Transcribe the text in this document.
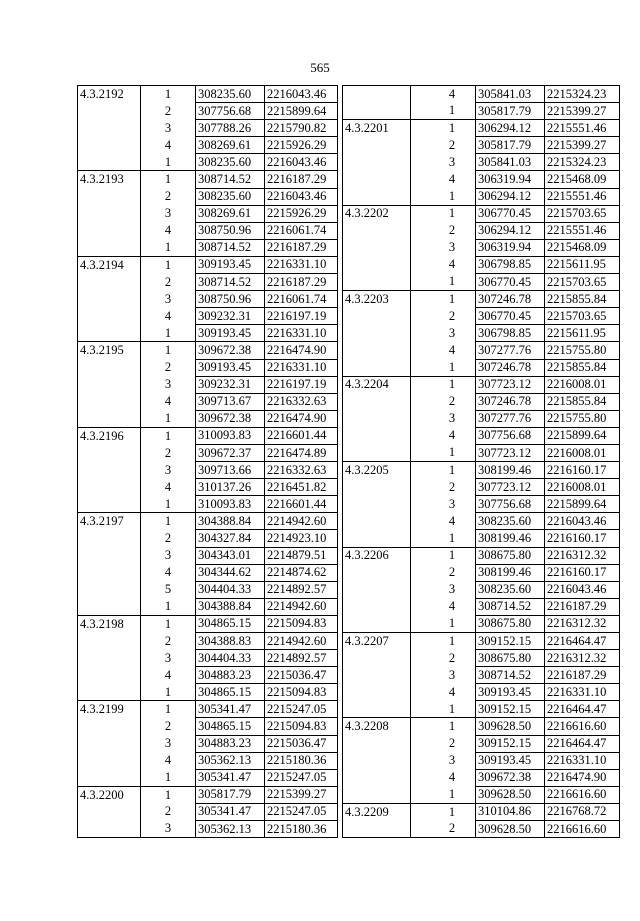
565
4.3.2192	1	308235.60	2216043.46
	2	307756.68	2215899.64
	3	307788.26	2215790.82
	4	308269.61	2215926.29
	1	308235.60	2216043.46
4.3.2193	1	308714.52	2216187.29
	2	308235.60	2216043.46
	3	308269.61	2215926.29
	4	308750.96	2216061.74
	1	308714.52	2216187.29
4.3.2194	1	309193.45	2216331.10
	2	308714.52	2216187.29
	3	308750.96	2216061.74
	4	309232.31	2216197.19
	1	309193.45	2216331.10
4.3.2195	1	309672.38	2216474.90
	2	309193.45	2216331.10
	3	309232.31	2216197.19
	4	309713.67	2216332.63
	1	309672.38	2216474.90
4.3.2196	1	310093.83	2216601.44
	2	309672.37	2216474.89
	3	309713.66	2216332.63
	4	310137.26	2216451.82
	1	310093.83	2216601.44
4.3.2197	1	304388.84	2214942.60
	2	304327.84	2214923.10
	3	304343.01	2214879.51
	4	304344.62	2214874.62
	5	304404.33	2214892.57
	1	304388.84	2214942.60
4.3.2198	1	304865.15	2215094.83
	2	304388.83	2214942.60
	3	304404.33	2214892.57
	4	304883.23	2215036.47
	1	304865.15	2215094.83
4.3.2199	1	305341.47	2215247.05
	2	304865.15	2215094.83
	3	304883.23	2215036.47
	4	305362.13	2215180.36
	1	305341.47	2215247.05
4.3.2200	1	305817.79	2215399.27
	2	305341.47	2215247.05
	3	305362.13	2215180.36
	4	305841.03	2215324.23
	1	305817.79	2215399.27
4.3.2201	1	306294.12	2215551.46
	2	305817.79	2215399.27
	3	305841.03	2215324.23
	4	306319.94	2215468.09
	1	306294.12	2215551.46
4.3.2202	1	306770.45	2215703.65
	2	306294.12	2215551.46
	3	306319.94	2215468.09
	4	306798.85	2215611.95
	1	306770.45	2215703.65
4.3.2203	1	307246.78	2215855.84
	2	306770.45	2215703.65
	3	306798.85	2215611.95
	4	307277.76	2215755.80
	1	307246.78	2215855.84
4.3.2204	1	307723.12	2216008.01
	2	307246.78	2215855.84
	3	307277.76	2215755.80
	4	307756.68	2215899.64
	1	307723.12	2216008.01
4.3.2205	1	308199.46	2216160.17
	2	307723.12	2216008.01
	3	307756.68	2215899.64
	4	308235.60	2216043.46
	1	308199.46	2216160.17
4.3.2206	1	308675.80	2216312.32
	2	308199.46	2216160.17
	3	308235.60	2216043.46
	4	308714.52	2216187.29
	1	308675.80	2216312.32
4.3.2207	1	309152.15	2216464.47
	2	308675.80	2216312.32
	3	308714.52	2216187.29
	4	309193.45	2216331.10
	1	309152.15	2216464.47
4.3.2208	1	309628.50	2216616.60
	2	309152.15	2216464.47
	3	309193.45	2216331.10
	4	309672.38	2216474.90
	1	309628.50	2216616.60
4.3.2209	1	310104.86	2216768.72
	2	309628.50	2216616.60
